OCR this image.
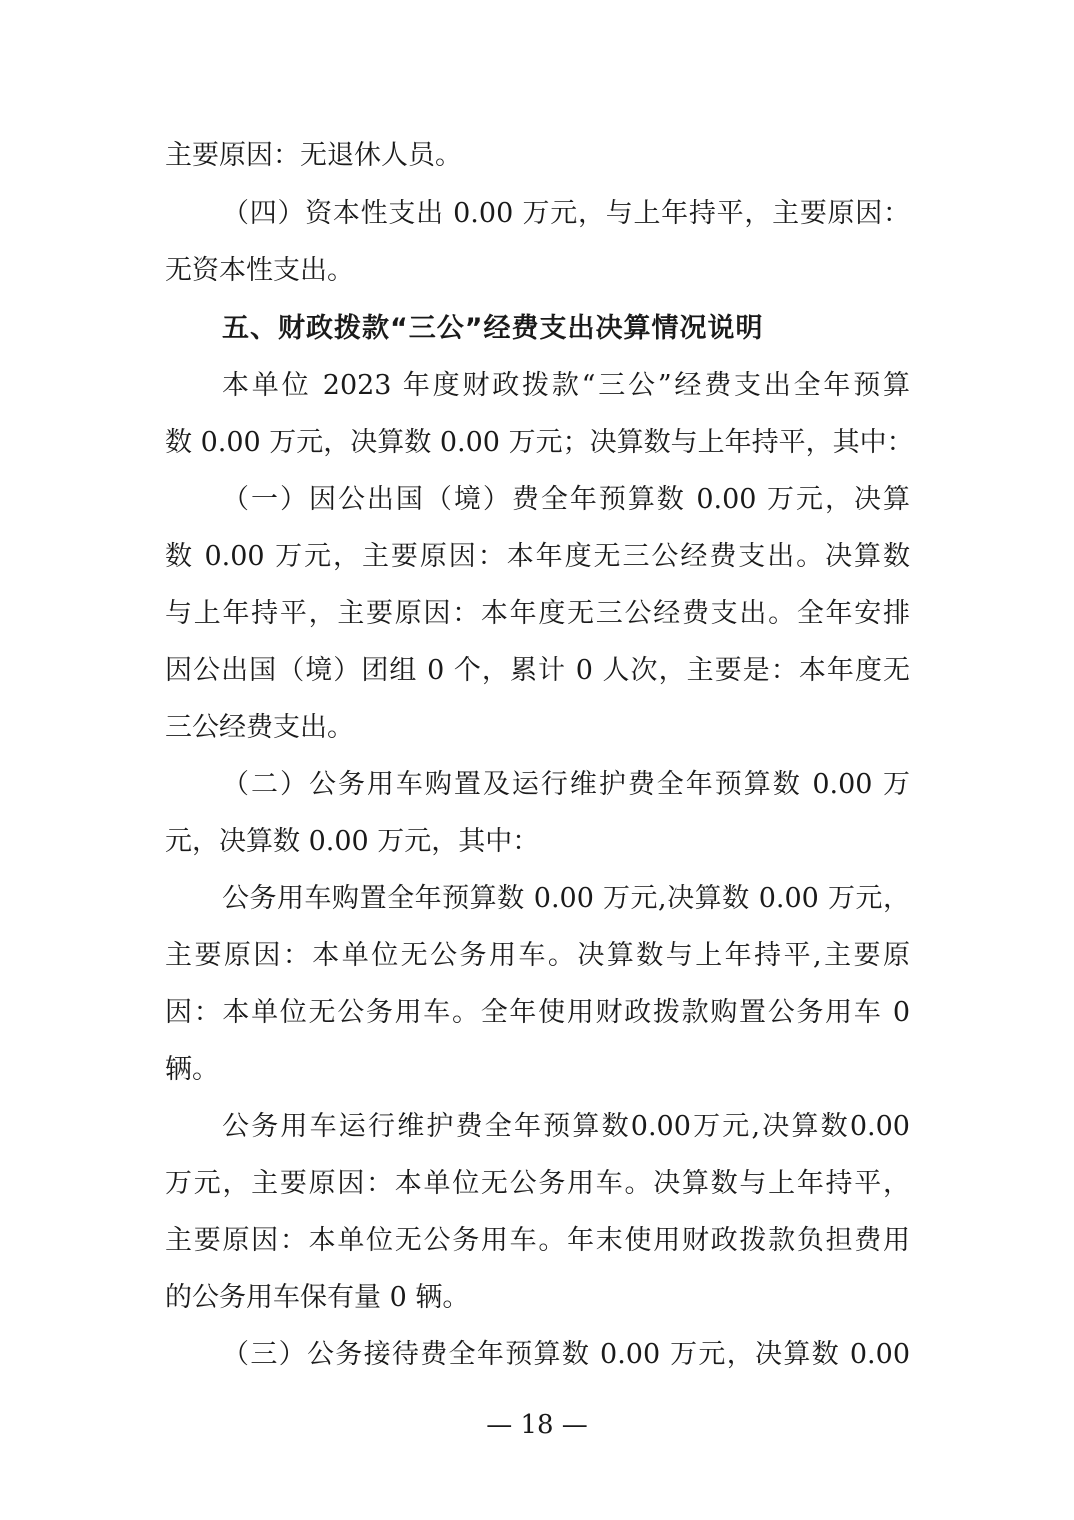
主要原因：无退休人员。
（四）资本性支出 0.00 万元，与上年持平，主要原因：
无资本性支出。
五、财政拨款“三公”经费支出决算情况说明
本单位 2023 年度财政拨款“三公”经费支出全年预算
数 0.00 万元，决算数 0.00 万元；决算数与上年持平，其中：
（一）因公出国（境）费全年预算数 0.00 万元，决算
数 0.00 万元，主要原因：本年度无三公经费支出。决算数
与上年持平，主要原因：本年度无三公经费支出。全年安排
因公出国（境）团组 0 个，累计 0 人次，主要是：本年度无
三公经费支出。
（二）公务用车购置及运行维护费全年预算数 0.00 万
元，决算数 0.00 万元，其中：
公务用车购置全年预算数 0.00 万元,决算数 0.00 万元，
主要原因：本单位无公务用车。决算数与上年持平,主要原
因：本单位无公务用车。全年使用财政拨款购置公务用车 0
辆。
公务用车运行维护费全年预算数0.00万元,决算数0.00
万元，主要原因：本单位无公务用车。决算数与上年持平，
主要原因：本单位无公务用车。年末使用财政拨款负担费用
的公务用车保有量 0 辆。
（三）公务接待费全年预算数 0.00 万元，决算数 0.00
— 18 —
